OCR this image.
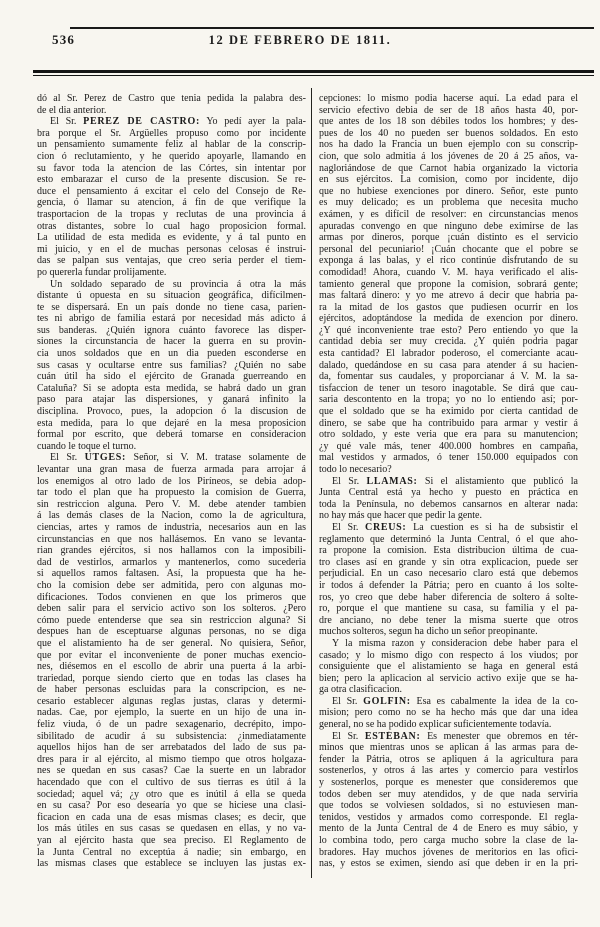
536	12 DE FEBRERO DE 1811.
dó al Sr. Perez de Castro que tenia pedida la palabra des-
de el dia anterior.
El Sr. PEREZ DE CASTRO: Yo pedí ayer la pala-
bra porque el Sr. Argüelles propuso como por incidente
un pensamiento sumamente feliz al hablar de la conscrip-
cion ó reclutamiento, y he querido apoyarle, llamando en
su favor toda la atencion de las Córtes, sin intentar por
esto embarazar el curso de la presente discusion. Se re-
duce el pensamiento á excitar el celo del Consejo de Re-
gencia, ó llamar su atencion, á fin de que verifique la
trasportacion de la tropas y reclutas de una provincia á
otras distantes, sobre lo cual hago proposicion formal.
La utilidad de esta medida es evidente, y á tal punto en
mi juicio, y en el de muchas personas celosas é instrui-
das se palpan sus ventajas, que creo seria perder el tiem-
po quererla fundar prolijamente.
Un soldado separado de su provincia á otra la más
distante ú opuesta en su situacion geográfica, difícilmen-
te se dispersará. En un país donde no tiene casa, parien-
tes ni abrigo de familia estará por necesidad más adicto á
sus banderas. ¿Quién ignora cuánto favorece las disper-
siones la circunstancia de hacer la guerra en su provin-
cia unos soldados que en un dia pueden esconderse en
sus casas y ocultarse entre sus familias? ¿Quién no sabe
cuán útil ha sido el ejército de Granada guerreando en
Cataluña? Si se adopta esta medida, se habrá dado un gran
paso para atajar las dispersiones, y ganará infinito la
disciplina. Provoco, pues, la adopcion ó la discusion de
esta medida, para lo que dejaré en la mesa proposicion
formal por escrito, que deberá tomarse en consideracion
cuando le toque el turno.
El Sr. UTGES: Señor, si V. M. tratase solamente de
levantar una gran masa de fuerza armada para arrojar á
los enemigos al otro lado de los Piríneos, se debia adop-
tar todo el plan que ha propuesto la comision de Guerra,
sin restriccion alguna. Pero V. M. debe atender tambien
á las demás clases de la Nacion, como la de agricultura,
ciencias, artes y ramos de industria, necesarios aun en las
circunstancias en que nos hallásemos. En vano se levanta-
rian grandes ejércitos, si nos hallamos con la imposibili-
dad de vestirlos, armarlos y mantenerlos, como sucederia
si aquellos ramos faltasen. Así, la propuesta que ha he-
cho la comision debe ser admitida, pero con algunas mo-
dificaciones. Todos convienen en que los primeros que
deben salir para el servicio activo son los solteros. ¿Pero
cómo puede entenderse que sea sin restriccion alguna? Si
despues han de esceptuarse algunas personas, no se diga
que el alistamiento ha de ser general. No quisiera, Señor,
que por evitar el inconveniente de poner muchas exencio-
nes, diésemos en el escollo de abrir una puerta á la arbi-
trariedad, porque siendo cierto que en todas las clases ha
de haber personas escluidas para la conscripcion, es ne-
cesario establecer algunas reglas justas, claras y determi-
nadas. Cae, por ejemplo, la suerte en un hijo de una in-
feliz viuda, ó de un padre sexagenario, decrépito, impo-
sibilitado de acudir á su subsistencia: ¿inmediatamente
aquellos hijos han de ser arrebatados del lado de sus pa-
dres para ir al ejército, al mismo tiempo que otros holgaza-
nes se quedan en sus casas? Cae la suerte en un labrador
hacendado que con el cultivo de sus tierras es útil á la
sociedad; aquel vá; ¿y otro que es inútil á ella se queda
en su casa? Por eso desearía yo que se hiciese una clasi-
ficacion en cada una de esas mismas clases; es decir, que
los más útiles en sus casas se quedasen en ellas, y no va-
yan al ejército hasta que sea preciso. El Reglamento de
la Junta Central no exceptúa á nadie; sin embargo, en
las mismas clases que establece se incluyen las justas ex-
cepciones: lo mismo podia hacerse aquí. La edad para el
servicio efectivo debia de ser de 18 años hasta 40, por-
que antes de los 18 son débiles todos los hombres; y des-
pues de los 40 no pueden ser buenos soldados. En esto
nos ha dado la Francia un buen ejemplo con su conscrip-
cion, que solo admitia á los jóvenes de 20 á 25 años, va-
nagloriándose de que Carnot habia organizado la victoria
en sus ejércitos. La comision, como por incidente, dijo
que no hubiese exenciones por dinero. Señor, este punto
es muy delicado; es un problema que necesita mucho
exámen, y es difícil de resolver: en circunstancias menos
apuradas convengo en que ninguno debe eximirse de las
armas por dineros, porque ¡cuán distinto es el servicio
personal del pecuniario! ¡Cuán chocante que el pobre se
exponga á las balas, y el rico continúe disfrutando de su
comodidad! Ahora, cuando V. M. haya verificado el alis-
tamiento general que propone la comision, sobrará gente;
mas faltará dinero: y yo me atrevo á decir que habria pa-
ra la mitad de los gastos que pudiesen ocurrir en los
ejércitos, adoptándose la medida de exencion por dinero.
¿Y qué inconveniente trae esto? Pero entiendo yo que la
cantidad debia ser muy crecida. ¿Y quién podria pagar
esta cantidad? El labrador poderoso, el comerciante acau-
dalado, quedándose en su casa para atender á su hacien-
da, fomentar sus caudales, y proporcianar á V. M. la sa-
tisfaccion de tener un tesoro inagotable. Se dirá que cau-
saria descontento en la tropa; yo no lo entiendo así; por-
que el soldado que se ha eximido por cierta cantidad de
dinero, se sabe que ha contribuido para armar y vestir á
otro soldado, y este veria que era para su manutencion;
¿y qué vale más, tener 400.000 hombres en campaña,
mal vestidos y armados, ó tener 150.000 equipados con
todo lo necesario?
El Sr. LLAMAS: Si el alistamiento que publicó la
Junta Central está ya hecho y puesto en práctica en
toda la Península, no debemos cansarnos en alterar nada:
no hay más que hacer que pedir la gente.
El Sr. CREUS: La cuestion es si ha de subsistir el
reglamento que determinó la Junta Central, ó el que aho-
ra propone la comision. Esta distribucion última de cua-
tro clases así en grande y sin otra explicacion, puede ser
perjudicial. En un caso necesario claro está que debemos
ir todos á defender la Pátria; pero en cuanto á los solte-
ros, yo creo que debe haber diferencia de soltero á solte-
ro, porque el que mantiene su casa, su familia y el pa-
dre anciano, no debe tener la misma suerte que otros
muchos solteros, segun ha dicho un señor preopinante.
Y la misma razon y consideracion debe haber para el
casado; y lo mismo digo con respecto á los viudos; por
consiguiente que el alistamiento se haga en general está
bien; pero la aplicacion al servicio activo exije que se ha-
ga otra clasificacion.
El Sr. GOLFIN: Esa es cabalmente la idea de la co-
mision; pero como no se ha hecho más que dar una idea
general, no se ha podido explicar suficientemente todavía.
El Sr. ESTÉBAN: Es menester que obremos en tér-
minos que mientras unos se aplican á las armas para de-
fender la Pátria, otros se apliquen á la agricultura para
sostenerlos, y otros á las artes y comercio para vestirlos
y sostenerlos, porque es menester que consideremos que
todos deben ser muy atendidos, y de que nada serviria
que todos se volviesen soldados, si no estuviesen man-
tenidos, vestidos y armados como corresponde. El regla-
mento de la Junta Central de 4 de Enero es muy sábio, y
lo combina todo, pero carga mucho sobre la clase de la-
bradores. Hay muchos jóvenes de meritorios en las ofici-
nas, y estos se eximen, siendo así que deben ir en la pri-
